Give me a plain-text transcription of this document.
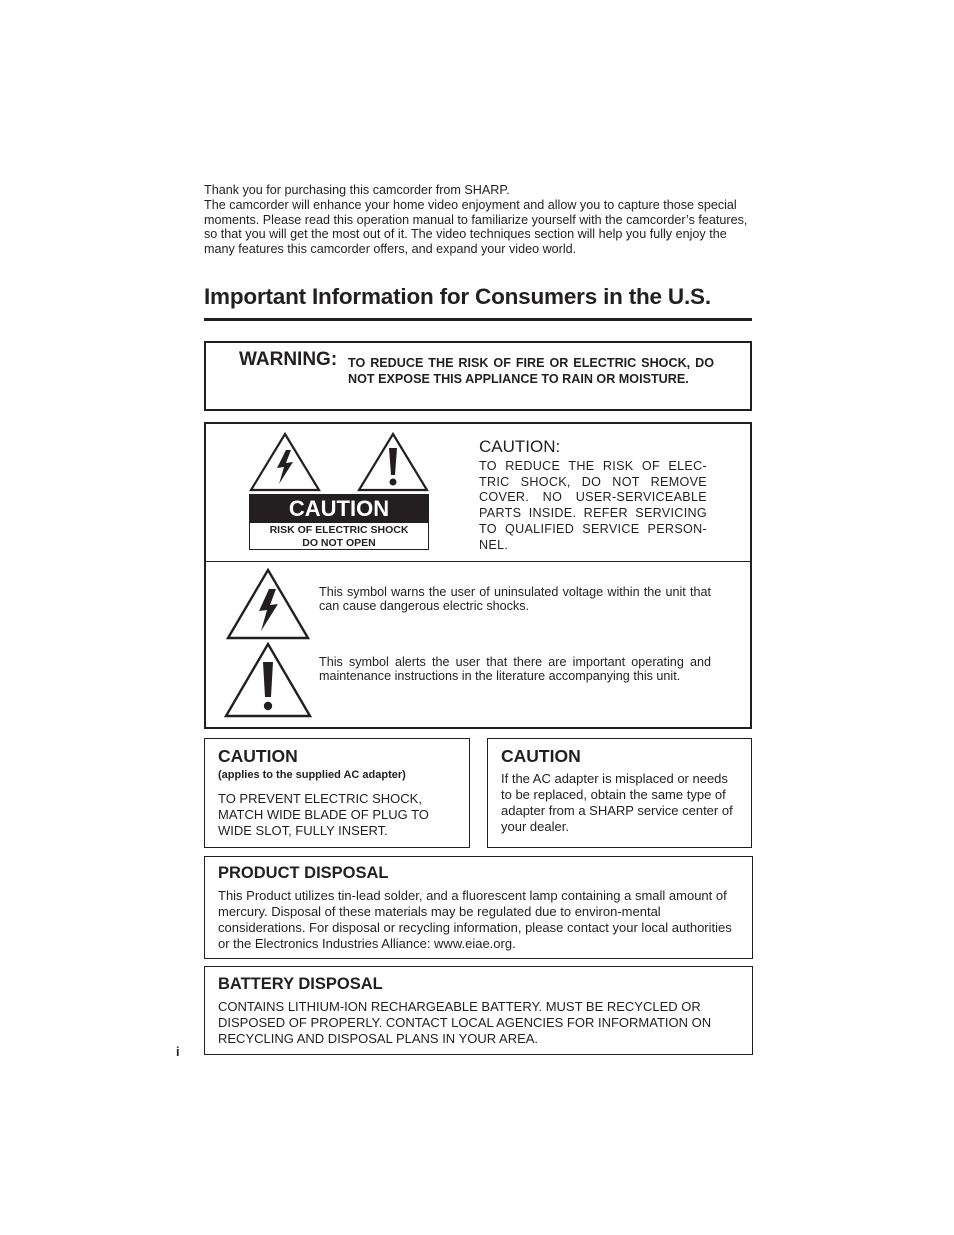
Thank you for purchasing this camcorder from SHARP.

The camcorder will enhance your home video enjoyment and allow you to capture those special moments. Please read this operation manual to familiarize yourself with the camcorder’s features, so that you will get the most out of it. The video techniques section will help you fully enjoy the many features this camcorder offers, and expand your video world.

Important Information for Consumers in the U.S.
WARNING: TO REDUCE THE RISK OF FIRE OR ELECTRIC SHOCK, DO NOT EXPOSE THIS APPLIANCE TO RAIN OR MOISTURE.
CAUTION
RISK OF ELECTRIC SHOCK
DO NOT OPEN
CAUTION:
TO REDUCE THE RISK OF ELEC-TRIC SHOCK, DO NOT REMOVE COVER. NO USER-SERVICEABLE PARTS INSIDE. REFER SERVICING TO QUALIFIED SERVICE PERSON-NEL.
This symbol warns the user of uninsulated voltage within the unit that can cause dangerous electric shocks.
This symbol alerts the user that there are important operating and maintenance instructions in the literature accompanying this unit.
CAUTION
(applies to the supplied AC adapter)
TO PREVENT ELECTRIC SHOCK, MATCH WIDE BLADE OF PLUG TO WIDE SLOT, FULLY INSERT.
CAUTION
If the AC adapter is misplaced or needs to be replaced, obtain the same type of adapter from a SHARP service center of your dealer.
PRODUCT DISPOSAL
This Product utilizes tin-lead solder, and a fluorescent lamp containing a small amount of mercury. Disposal of these materials may be regulated due to environ-mental considerations. For disposal or recycling information, please contact your local authorities or the Electronics Industries Alliance: www.eiae.org.
BATTERY DISPOSAL
CONTAINS LITHIUM-ION RECHARGEABLE BATTERY. MUST BE RECYCLED OR DISPOSED OF PROPERLY. CONTACT LOCAL AGENCIES FOR INFORMATION ON RECYCLING AND DISPOSAL PLANS IN YOUR AREA.
i
